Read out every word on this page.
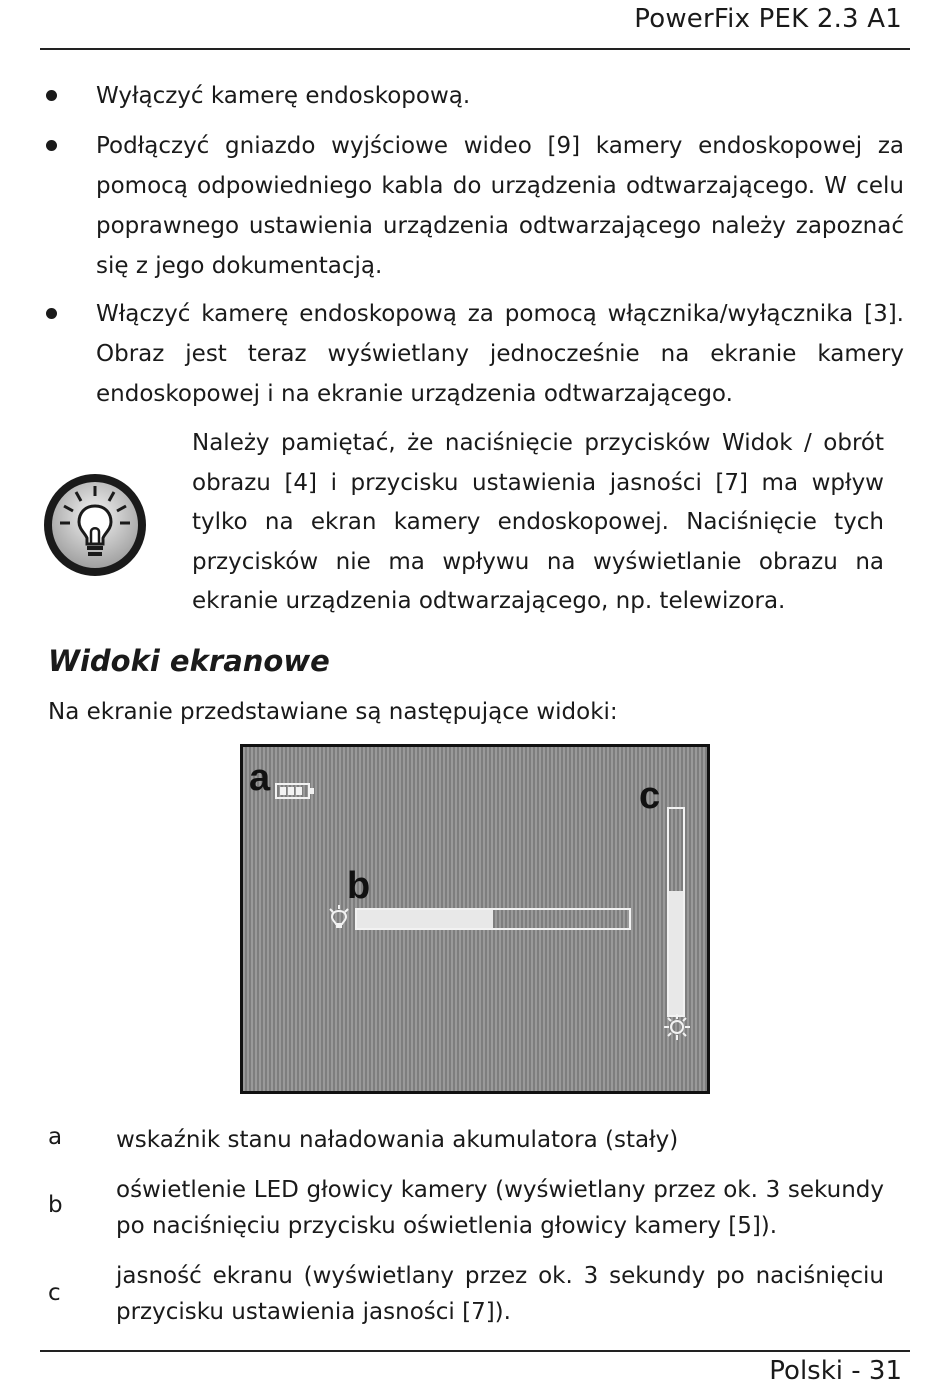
PowerFix PEK 2.3 A1
Wyłączyć kamerę endoskopową.
Podłączyć gniazdo wyjściowe wideo [9] kamery endoskopowej za pomocą odpowiedniego kabla do urządzenia odtwarzającego. W celu poprawnego ustawienia urządzenia odtwarzającego należy zapoznać się z jego dokumentacją.
Włączyć kamerę endoskopową za pomocą włącznika/wyłącznika [3]. Obraz jest teraz wyświetlany jednocześnie na ekranie kamery endoskopowej i na ekranie urządzenia odtwarzającego.
Należy pamiętać, że naciśnięcie przycisków Widok / obrót obrazu [4] i przycisku ustawienia jasności [7] ma wpływ tylko na ekran kamery endoskopowej. Naciśnięcie tych przycisków nie ma wpływu na wyświetlanie obrazu na ekranie urządzenia odtwarzającego, np. telewizora.
Widoki ekranowe
Na ekranie przedstawiane są następujące widoki:
a
b
c
a wskaźnik stanu naładowania akumulatora (stały)
b
oświetlenie LED głowicy kamery (wyświetlany przez ok. 3 sekundy po naciśnięciu przycisku oświetlenia głowicy kamery [5]).
c
jasność ekranu (wyświetlany przez ok. 3 sekundy po naciśnięciu przycisku ustawienia jasności [7]).
Polski - 31
